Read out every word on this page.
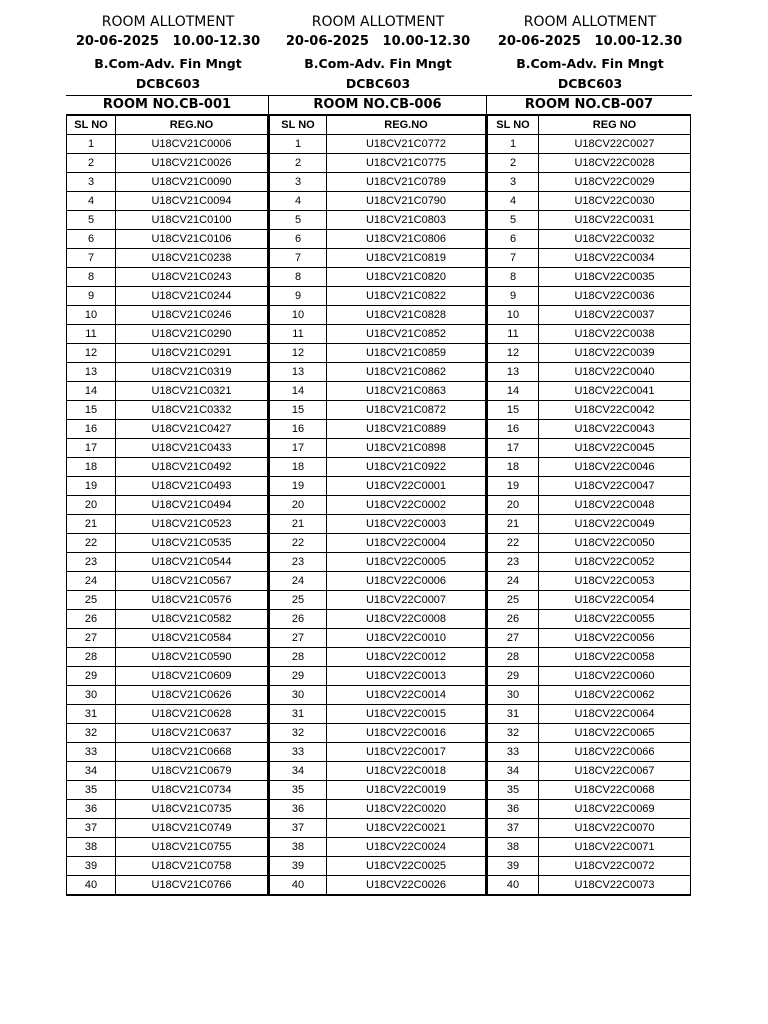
ROOM ALLOTMENT
20-06-2025   10.00-12.30
B.Com-Adv. Fin Mngt
DCBC603
ROOM ALLOTMENT
20-06-2025   10.00-12.30
B.Com-Adv. Fin Mngt
DCBC603
ROOM ALLOTMENT
20-06-2025   10.00-12.30
B.Com-Adv. Fin Mngt
DCBC603
ROOM NO.CB-001
SL NO	REG.NO
1	U18CV21C0006
2	U18CV21C0026
3	U18CV21C0090
4	U18CV21C0094
5	U18CV21C0100
6	U18CV21C0106
7	U18CV21C0238
8	U18CV21C0243
9	U18CV21C0244
10	U18CV21C0246
11	U18CV21C0290
12	U18CV21C0291
13	U18CV21C0319
14	U18CV21C0321
15	U18CV21C0332
16	U18CV21C0427
17	U18CV21C0433
18	U18CV21C0492
19	U18CV21C0493
20	U18CV21C0494
21	U18CV21C0523
22	U18CV21C0535
23	U18CV21C0544
24	U18CV21C0567
25	U18CV21C0576
26	U18CV21C0582
27	U18CV21C0584
28	U18CV21C0590
29	U18CV21C0609
30	U18CV21C0626
31	U18CV21C0628
32	U18CV21C0637
33	U18CV21C0668
34	U18CV21C0679
35	U18CV21C0734
36	U18CV21C0735
37	U18CV21C0749
38	U18CV21C0755
39	U18CV21C0758
40	U18CV21C0766
ROOM NO.CB-006
SL NO	REG.NO
1	U18CV21C0772
2	U18CV21C0775
3	U18CV21C0789
4	U18CV21C0790
5	U18CV21C0803
6	U18CV21C0806
7	U18CV21C0819
8	U18CV21C0820
9	U18CV21C0822
10	U18CV21C0828
11	U18CV21C0852
12	U18CV21C0859
13	U18CV21C0862
14	U18CV21C0863
15	U18CV21C0872
16	U18CV21C0889
17	U18CV21C0898
18	U18CV21C0922
19	U18CV22C0001
20	U18CV22C0002
21	U18CV22C0003
22	U18CV22C0004
23	U18CV22C0005
24	U18CV22C0006
25	U18CV22C0007
26	U18CV22C0008
27	U18CV22C0010
28	U18CV22C0012
29	U18CV22C0013
30	U18CV22C0014
31	U18CV22C0015
32	U18CV22C0016
33	U18CV22C0017
34	U18CV22C0018
35	U18CV22C0019
36	U18CV22C0020
37	U18CV22C0021
38	U18CV22C0024
39	U18CV22C0025
40	U18CV22C0026
ROOM NO.CB-007
SL NO	REG NO
1	U18CV22C0027
2	U18CV22C0028
3	U18CV22C0029
4	U18CV22C0030
5	U18CV22C0031
6	U18CV22C0032
7	U18CV22C0034
8	U18CV22C0035
9	U18CV22C0036
10	U18CV22C0037
11	U18CV22C0038
12	U18CV22C0039
13	U18CV22C0040
14	U18CV22C0041
15	U18CV22C0042
16	U18CV22C0043
17	U18CV22C0045
18	U18CV22C0046
19	U18CV22C0047
20	U18CV22C0048
21	U18CV22C0049
22	U18CV22C0050
23	U18CV22C0052
24	U18CV22C0053
25	U18CV22C0054
26	U18CV22C0055
27	U18CV22C0056
28	U18CV22C0058
29	U18CV22C0060
30	U18CV22C0062
31	U18CV22C0064
32	U18CV22C0065
33	U18CV22C0066
34	U18CV22C0067
35	U18CV22C0068
36	U18CV22C0069
37	U18CV22C0070
38	U18CV22C0071
39	U18CV22C0072
40	U18CV22C0073
